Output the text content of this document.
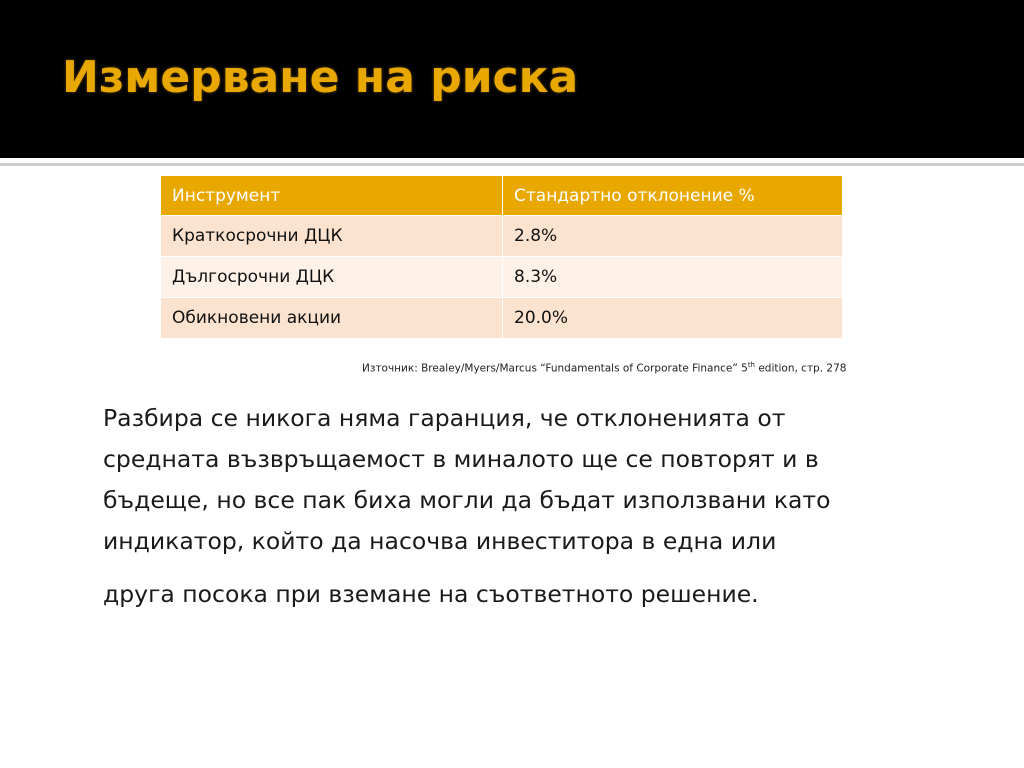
Измерване на риска
Инструмент	Стандартно отклонение %
Краткосрочни ДЦК	2.8%
Дългосрочни ДЦК	8.3%
Обикновени акции	20.0%
Източник: Brealey/Myers/Marcus “Fundamentals of Corporate Finance” 5th edition, стр. 278

Разбира се никога няма гаранция, че отклоненията от
средната възвръщаемост в миналото ще се повторят и в
бъдеще, но все пак биха могли да бъдат използвани като
индикатор, който да насочва инвеститора в една или
друга посока при вземане на съответното решение.
